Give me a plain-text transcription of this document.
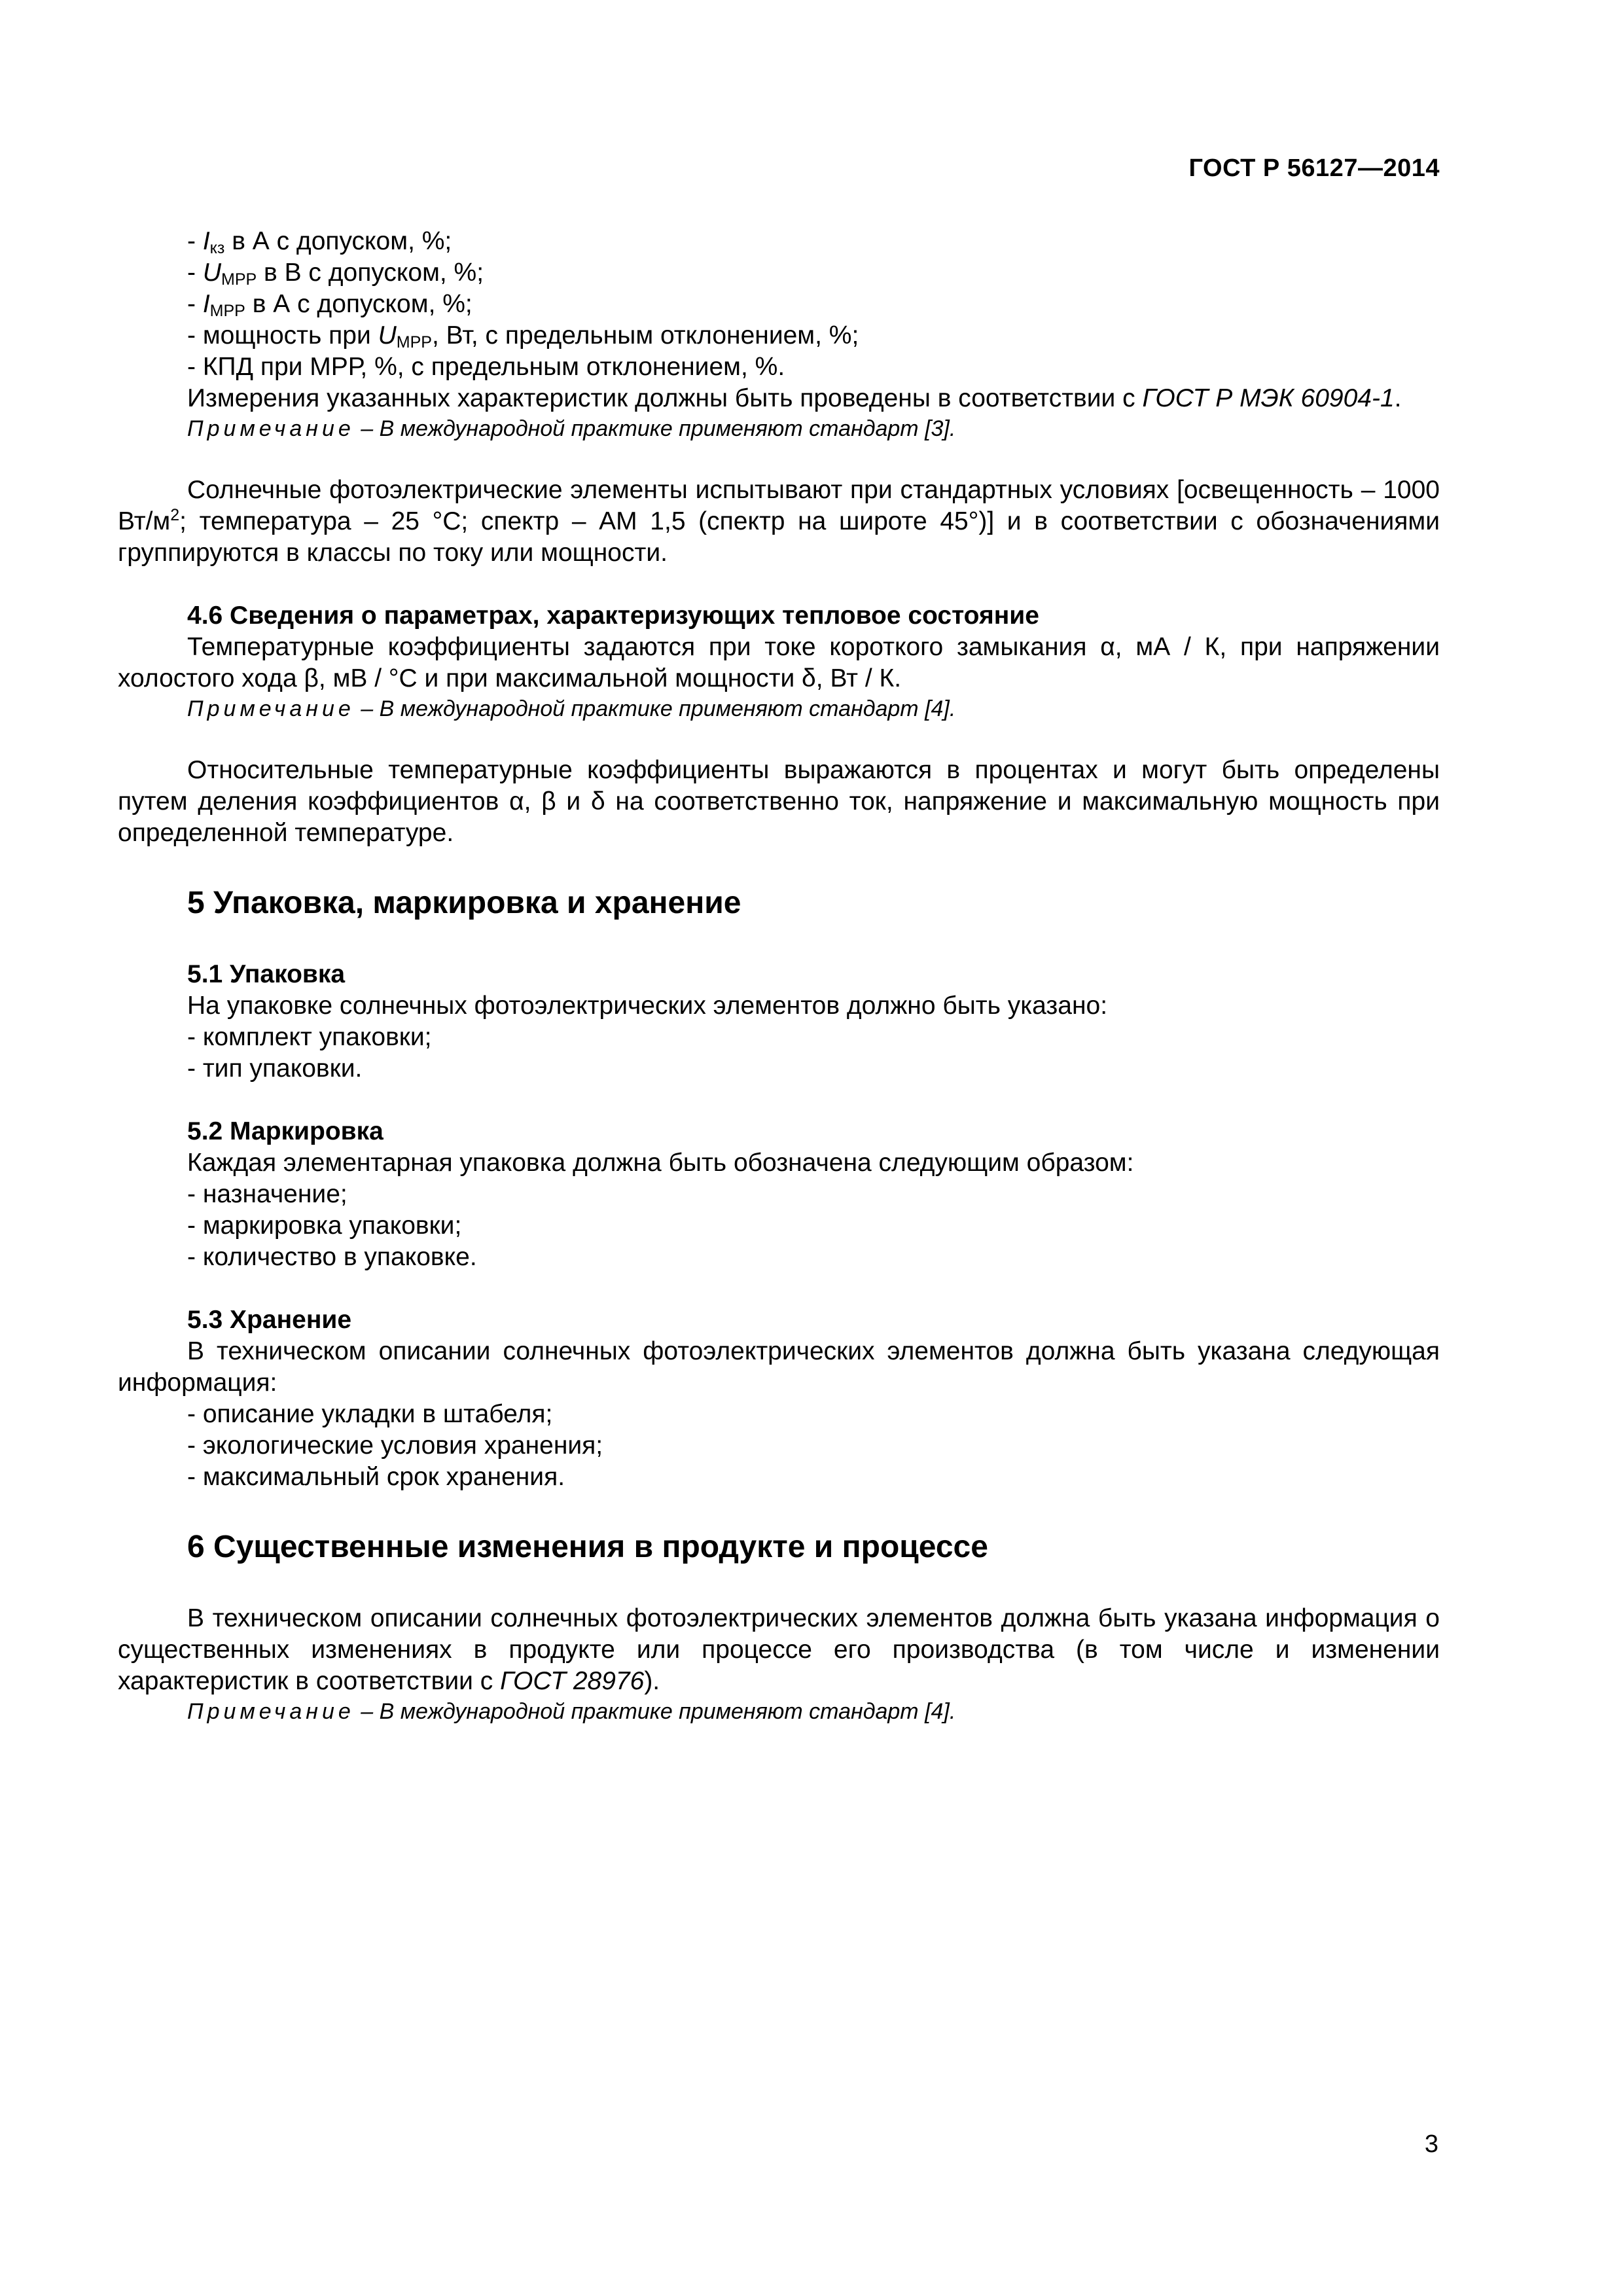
ГОСТ Р 56127—2014

- $I_{кз}$ в А с допуском, %;

- $U_{MPP}$ в В с допуском, %;

- $I_{MPP}$ в А с допуском, %;

- мощность при $U_{MPP}$, Вт, с предельным отклонением, %;

- КПД при МРР, %, с предельным отклонением, %.

Измерения указанных характеристик должны быть проведены в соответствии с ГОСТ Р МЭК 60904-1.

Примечание – В международной практике применяют стандарт [3].

Солнечные фотоэлектрические элементы испытывают при стандартных условиях [освещенность – 1000 $Вт/м^2$; температура – 25 °С; спектр – АМ 1,5 (спектр на широте 45°)] и в соответствии с обозначениями группируются в классы по току или мощности.

4.6 Сведения о параметрах, характеризующих тепловое состояние

Температурные коэффициенты задаются при токе короткого замыкания α, мА / К, при напряжении холостого хода β, мВ / °С и при максимальной мощности δ, Вт / К.

Примечание – В международной практике применяют стандарт [4].

Относительные температурные коэффициенты выражаются в процентах и могут быть определены путем деления коэффициентов α, β и δ на соответственно ток, напряжение и максимальную мощность при определенной температуре.

5 Упаковка, маркировка и хранение

5.1 Упаковка

На упаковке солнечных фотоэлектрических элементов должно быть указано:

- комплект упаковки;

- тип упаковки.

5.2 Маркировка

Каждая элементарная упаковка должна быть обозначена следующим образом:

- назначение;

- маркировка упаковки;

- количество в упаковке.

5.3 Хранение

В техническом описании солнечных фотоэлектрических элементов должна быть указана следующая информация:

- описание укладки в штабеля;

- экологические условия хранения;

- максимальный срок хранения.

6 Существенные изменения в продукте и процессе

В техническом описании солнечных фотоэлектрических элементов должна быть указана информация о существенных изменениях в продукте или процессе его производства (в том числе и изменении характеристик в соответствии с ГОСТ 28976).

Примечание – В международной практике применяют стандарт [4].

3
